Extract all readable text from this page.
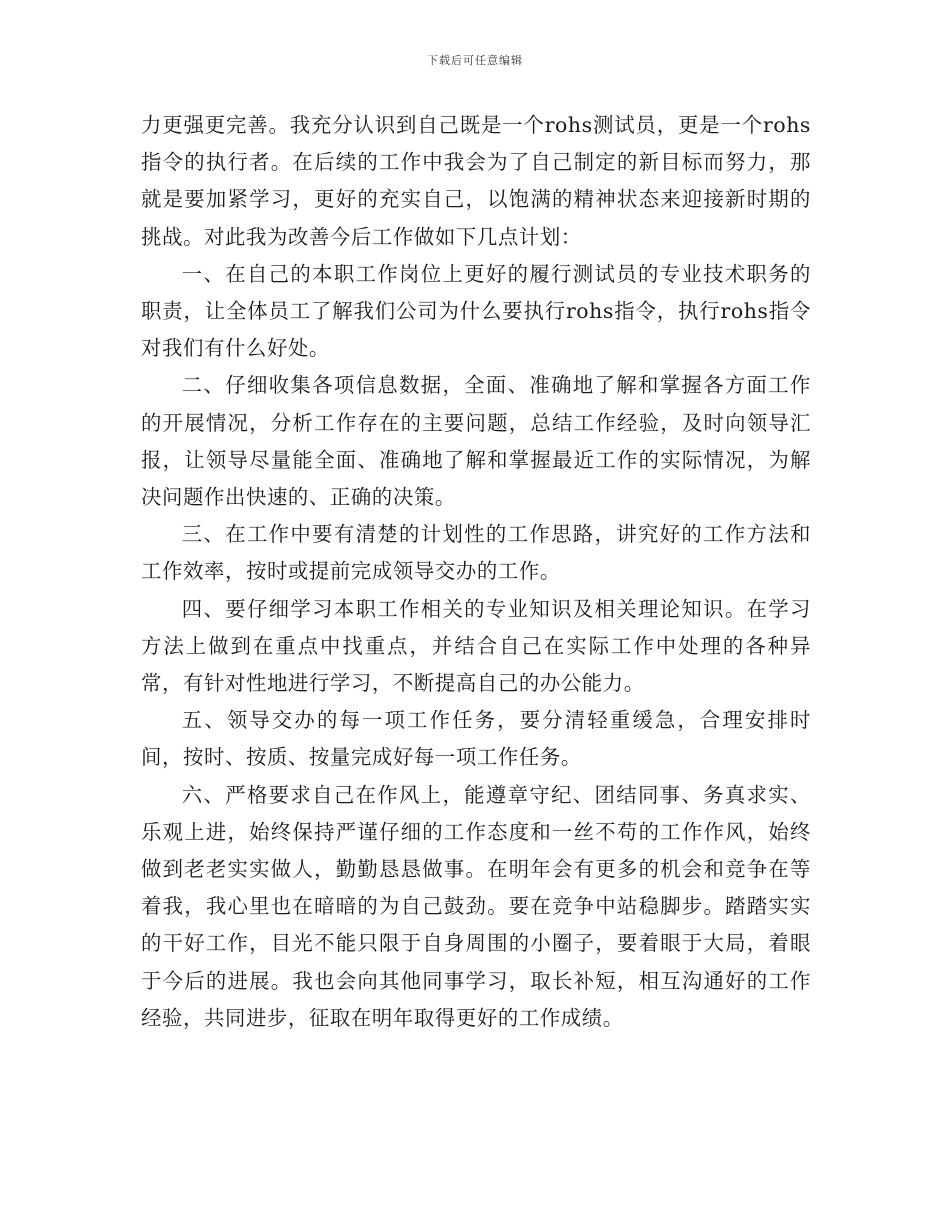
下载后可任意编辑

力更强更完善。我充分认识到自己既是一个rohs测试员，更是一个rohs指令的执行者。在后续的工作中我会为了自己制定的新目标而努力，那就是要加紧学习，更好的充实自己，以饱满的精神状态来迎接新时期的挑战。对此我为改善今后工作做如下几点计划：

一、在自己的本职工作岗位上更好的履行测试员的专业技术职务的职责，让全体员工了解我们公司为什么要执行rohs指令，执行rohs指令对我们有什么好处。

二、仔细收集各项信息数据，全面、准确地了解和掌握各方面工作的开展情况，分析工作存在的主要问题，总结工作经验，及时向领导汇报，让领导尽量能全面、准确地了解和掌握最近工作的实际情况，为解决问题作出快速的、正确的决策。

三、在工作中要有清楚的计划性的工作思路，讲究好的工作方法和工作效率，按时或提前完成领导交办的工作。

四、要仔细学习本职工作相关的专业知识及相关理论知识。在学习方法上做到在重点中找重点，并结合自己在实际工作中处理的各种异常，有针对性地进行学习，不断提高自己的办公能力。

五、领导交办的每一项工作任务，要分清轻重缓急，合理安排时间，按时、按质、按量完成好每一项工作任务。

六、严格要求自己在作风上，能遵章守纪、团结同事、务真求实、乐观上进，始终保持严谨仔细的工作态度和一丝不苟的工作作风，始终做到老老实实做人，勤勤恳恳做事。在明年会有更多的机会和竞争在等着我，我心里也在暗暗的为自己鼓劲。要在竞争中站稳脚步。踏踏实实的干好工作，目光不能只限于自身周围的小圈子，要着眼于大局，着眼于今后的进展。我也会向其他同事学习，取长补短，相互沟通好的工作经验，共同进步，征取在明年取得更好的工作成绩。
